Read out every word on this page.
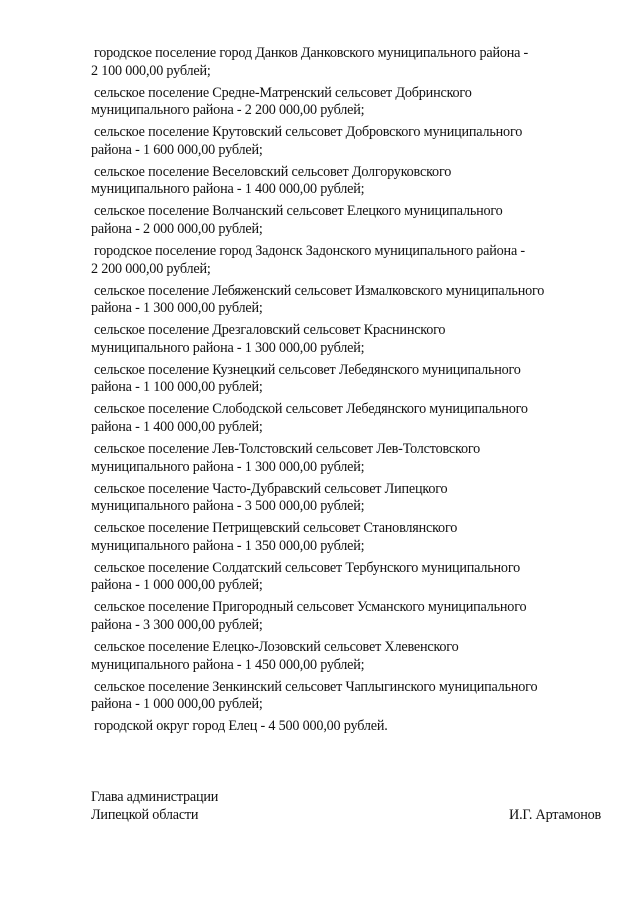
городское поселение город Данков Данковского муниципального района -
2 100 000,00 рублей;
сельское поселение Средне-Матренский сельсовет Добринского
муниципального района - 2 200 000,00 рублей;
сельское поселение Крутовский сельсовет Добровского муниципального
района - 1 600 000,00 рублей;
сельское поселение Веселовский сельсовет Долгоруковского
муниципального района - 1 400 000,00 рублей;
сельское поселение Волчанский сельсовет Елецкого муниципального
района - 2 000 000,00 рублей;
городское поселение город Задонск Задонского муниципального района -
2 200 000,00 рублей;
сельское поселение Лебяженский сельсовет Измалковского муниципального
района - 1 300 000,00 рублей;
сельское поселение Дрезгаловский сельсовет Краснинского
муниципального района - 1 300 000,00 рублей;
сельское поселение Кузнецкий сельсовет Лебедянского муниципального
района - 1 100 000,00 рублей;
сельское поселение Слободской сельсовет Лебедянского муниципального
района - 1 400 000,00 рублей;
сельское поселение Лев-Толстовский сельсовет Лев-Толстовского
муниципального района - 1 300 000,00 рублей;
сельское поселение Часто-Дубравский сельсовет Липецкого
муниципального района - 3 500 000,00 рублей;
сельское поселение Петрищевский сельсовет Становлянского
муниципального района - 1 350 000,00 рублей;
сельское поселение Солдатский сельсовет Тербунского муниципального
района - 1 000 000,00 рублей;
сельское поселение Пригородный сельсовет Усманского муниципального
района - 3 300 000,00 рублей;
сельское поселение Елецко-Лозовский сельсовет Хлевенского
муниципального района - 1 450 000,00 рублей;
сельское поселение Зенкинский сельсовет Чаплыгинского муниципального
района - 1 000 000,00 рублей;
городской округ город Елец - 4 500 000,00 рублей.
Глава администрации
Липецкой области	И.Г. Артамонов
